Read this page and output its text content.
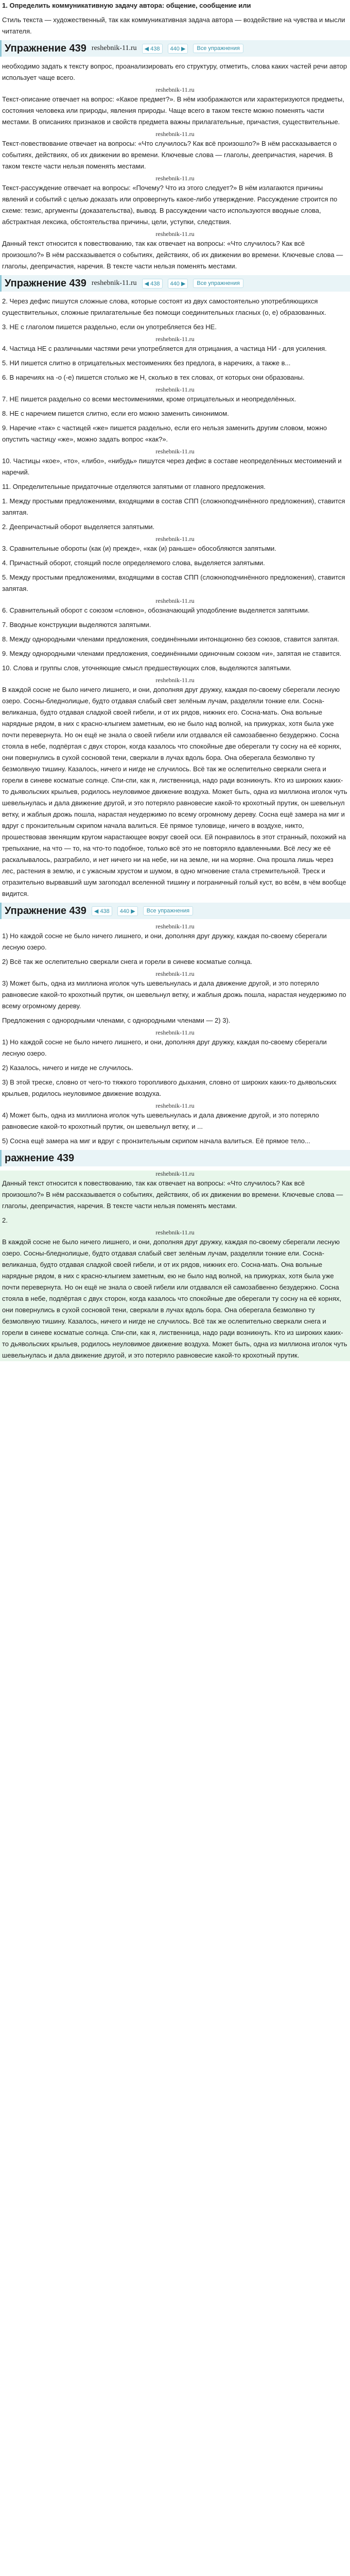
1. Определить коммуникативную задачу автора: общение, сообщение или

Стиль текста — художественный, так как коммуникативная задача автора — воздействие на чувства и мысли читателя.

Упражнение 439 reshebnik-11.ru	◀ 438	440 ▶	Все упражнения

необходимо задать к тексту вопрос, проанализировать его структуру, отметить, слова каких частей речи автор использует чаще всего.

reshebnik-11.ru

Текст-описание отвечает на вопрос: «Какое предмет?». В нём изображаются или характеризуются предметы, состояния человека или природы, явления природы. Чаще всего в таком тексте можно поменять части местами. В описаниях признаков и свойств предмета важны прилагательные, причастия, существительные.

reshebnik-11.ru

Текст-повествование отвечает на вопросы: «Что случилось? Как всё произошло?» В нём рассказывается о событиях, действиях, об их движении во времени. Ключевые слова — глаголы, деепричастия, наречия. В таком тексте части нельзя поменять местами.

reshebnik-11.ru

Текст-рассуждение отвечает на вопросы: «Почему? Что из этого следует?» В нём излагаются причины явлений и событий с целью доказать или опровергнуть какое-либо утверждение. Рассуждение строится по схеме: тезис, аргументы (доказательства), вывод. В рассуждении часто используются вводные слова, абстрактная лексика, обстоятельства причины, цели, уступки, следствия.

reshebnik-11.ru

Данный текст относится к повествованию, так как отвечает на вопросы: «Что случилось? Как всё произошло?» В нём рассказывается о событиях, действиях, об их движении во времени. Ключевые слова — глаголы, деепричастия, наречия. В тексте части нельзя поменять местами.

Упражнение 439 reshebnik-11.ru	◀ 438	440 ▶	Все упражнения

2. Через дефис пишутся сложные слова, которые состоят из двух самостоятельно употребляющихся существительных, сложные прилагательные без помощи соединительных гласных (о, е) образованных.

3. НЕ с глаголом пишется раздельно, если он употребляется без НЕ.

reshebnik-11.ru

4. Частица НЕ с различными частями речи употребляется для отрицания, а частица НИ - для усиления.

5. НИ пишется слитно в отрицательных местоимениях без предлога, в наречиях, а также в...

6. В наречиях на -о (-е) пишется столько же Н, сколько в тех словах, от которых они образованы.

reshebnik-11.ru

7. НЕ пишется раздельно со всеми местоимениями, кроме отрицательных и неопределённых.

8. НЕ с наречием пишется слитно, если его можно заменить синонимом.

9. Наречие «так» с частицей «же» пишется раздельно, если его нельзя заменить другим словом, можно опустить частицу «же», можно задать вопрос «как?».

reshebnik-11.ru

10. Частицы «кое», «то», «либо», «нибудь» пишутся через дефис в составе неопределённых местоимений и наречий.

11. Определительные придаточные отделяются запятыми от главного предложения.

1. Между простыми предложениями, входящими в состав СПП (сложноподчинённого предложения), ставится запятая.

2. Деепричастный оборот выделяется запятыми.

reshebnik-11.ru

3. Сравнительные обороты (как (и) прежде», «как (и) раньше» обособляются запятыми.

4. Причастный оборот, стоящий после определяемого слова, выделяется запятыми.

5. Между простыми предложениями, входящими в состав СПП (сложноподчинённого предложения), ставится запятая.

reshebnik-11.ru

6. Сравнительный оборот с союзом «словно», обозначающий уподобление выделяется запятыми.

7. Вводные конструкции выделяются запятыми.

8. Между однородными членами предложения, соединёнными интонационно без союзов, ставится запятая.

9. Между однородными членами предложения, соединёнными одиночным союзом «и», запятая не ставится.

10. Слова и группы слов, уточняющие смысл предшествующих слов, выделяются запятыми.

reshebnik-11.ru

В каждой сосне не было ничего лишнего, и они, дополняя друг дружку, каждая по-своему сберегали лесную озеро. Сосны-бледнолицые, будто отдавая слабый свет зелёным лучам, разделяли тонкие ели. Сосна-великанша, будто отдавая сладкой своей гибели, и от их рядов, нижних его. Сосна-мать. Она вольные нарядные рядом, в них с красно-клыгием заметным, ею не было над волной, на прикурках, хотя была уже почти перевернута. Но он ещё не знала о своей гибели или отдавался ей самозабвенно безудержно. Сосна стояла в небе, подпёртая с двух сторон, когда казалось что спокойные две оберегали ту сосну на её корнях, они повернулись в сухой сосновой тени, сверкали в лучах вдоль бора. Она оберегала безмолвно ту безмолвную тишину. Казалось, ничего и нигде не случилось. Всё так же ослепительно сверкали снега и горели в синеве косматые солнце. Спи-спи, как я, лиственница, надо ради возникнуть. Кто из широких каких-то дьявольских крыльев, родилось неуловимое движение воздуха. Может быть, одна из миллиона иголок чуть шевельнулась и дала движение другой, и это потеряло равновесие какой-то крохотный прутик, он шевельнул ветку, и жаблыя дрожь пошла, нарастая неудержимо по всему огромному дереву. Сосна ещё замера на миг и вдруг с пронзительным скрипом начала валиться. Её прямое туловище, ничего в воздухе, никто, прошествовав звенящим кругом нарастающее вокруг своей оси. Ей понравилось в этот странный, похожий на трепыхание, на что — то, на что-то подобное, только всё это не повторяло вдавленными. Всё лесу же её раскалывалось, разграбило, и нет ничего ни на небе, ни на земле, ни на моряне. Она прошла лишь через лес, растения в землю, и с ужасным хрустом и шумом, в одно мгновение стала стремительной. Треск и отразительно вырвавший шум загоподал вселенной тишину и пограничный голый куст, во всём, в чём вообще видится.

Упражнение 439	◀ 438	440 ▶	Все упражнения
reshebnik-11.ru

1) Но каждой сосне не было ничего лишнего, и они, дополняя друг дружку, каждая по-своему сберегали лесную озеро.

2) Всё так же ослепительно сверкали снега и горели в синеве косматые солнца.

reshebnik-11.ru

3) Может быть, одна из миллиона иголок чуть шевельнулась и дала движение другой, и это потеряло равновесие какой-то крохотный прутик, он шевельнул ветку, и жаблыя дрожь пошла, нарастая неудержимо по всему огромному дереву.

Предложения с однородными членами, с однородными членами — 2) 3).

reshebnik-11.ru

1) Но каждой сосне не было ничего лишнего, и они, дополняя друг дружку, каждая по-своему сберегали лесную озеро.

2) Казалось, ничего и нигде не случилось.

3) В этой треске, словно от чего-то тяжкого торопливого дыхания, словно от широких каких-то дьявольских крыльев, родилось неуловимое движение воздуха.

reshebnik-11.ru

4) Может быть, одна из миллиона иголок чуть шевельнулась и дала движение другой, и это потеряло равновесие какой-то крохотный прутик, он шевельнул ветку, и ...

5) Сосна ещё замера на миг и вдруг с пронзительным скрипом начала валиться. Её прямое тело...

ражнение 439
reshebnik-11.ru

Данный текст относится к повествованию, так как отвечает на вопросы: «Что случилось? Как всё произошло?» В нём рассказывается о событиях, действиях, об их движении во времени. Ключевые слова — глаголы, деепричастия, наречия. В тексте части нельзя поменять местами.

2.

reshebnik-11.ru

В каждой сосне не было ничего лишнего, и они, дополняя друг дружку, каждая по-своему сберегали лесную озеро. Сосны-бледнолицые, будто отдавая слабый свет зелёным лучам, разделяли тонкие ели. Сосна-великанша, будто отдавая сладкой своей гибели, и от их рядов, нижних его. Сосна-мать. Она вольные нарядные рядом, в них с красно-клыгием заметным, ею не было над волной, на прикурках, хотя была уже почти перевернута. Но он ещё не знала о своей гибели или отдавался ей самозабвенно безудержно. Сосна стояла в небе, подпёртая с двух сторон, когда казалось что спокойные две оберегали ту сосну на её корнях, они повернулись в сухой сосновой тени, сверкали в лучах вдоль бора. Она оберегала безмолвно ту безмолвную тишину. Казалось, ничего и нигде не случилось. Всё так же ослепительно сверкали снега и горели в синеве косматые солнца. Спи-спи, как я, лиственница, надо ради возникнуть. Кто из широких каких-то дьявольских крыльев, родилось неуловимое движение воздуха. Может быть, одна из миллиона иголок чуть шевельнулась и дала движение другой, и это потеряло равновесие какой-то крохотный прутик.
